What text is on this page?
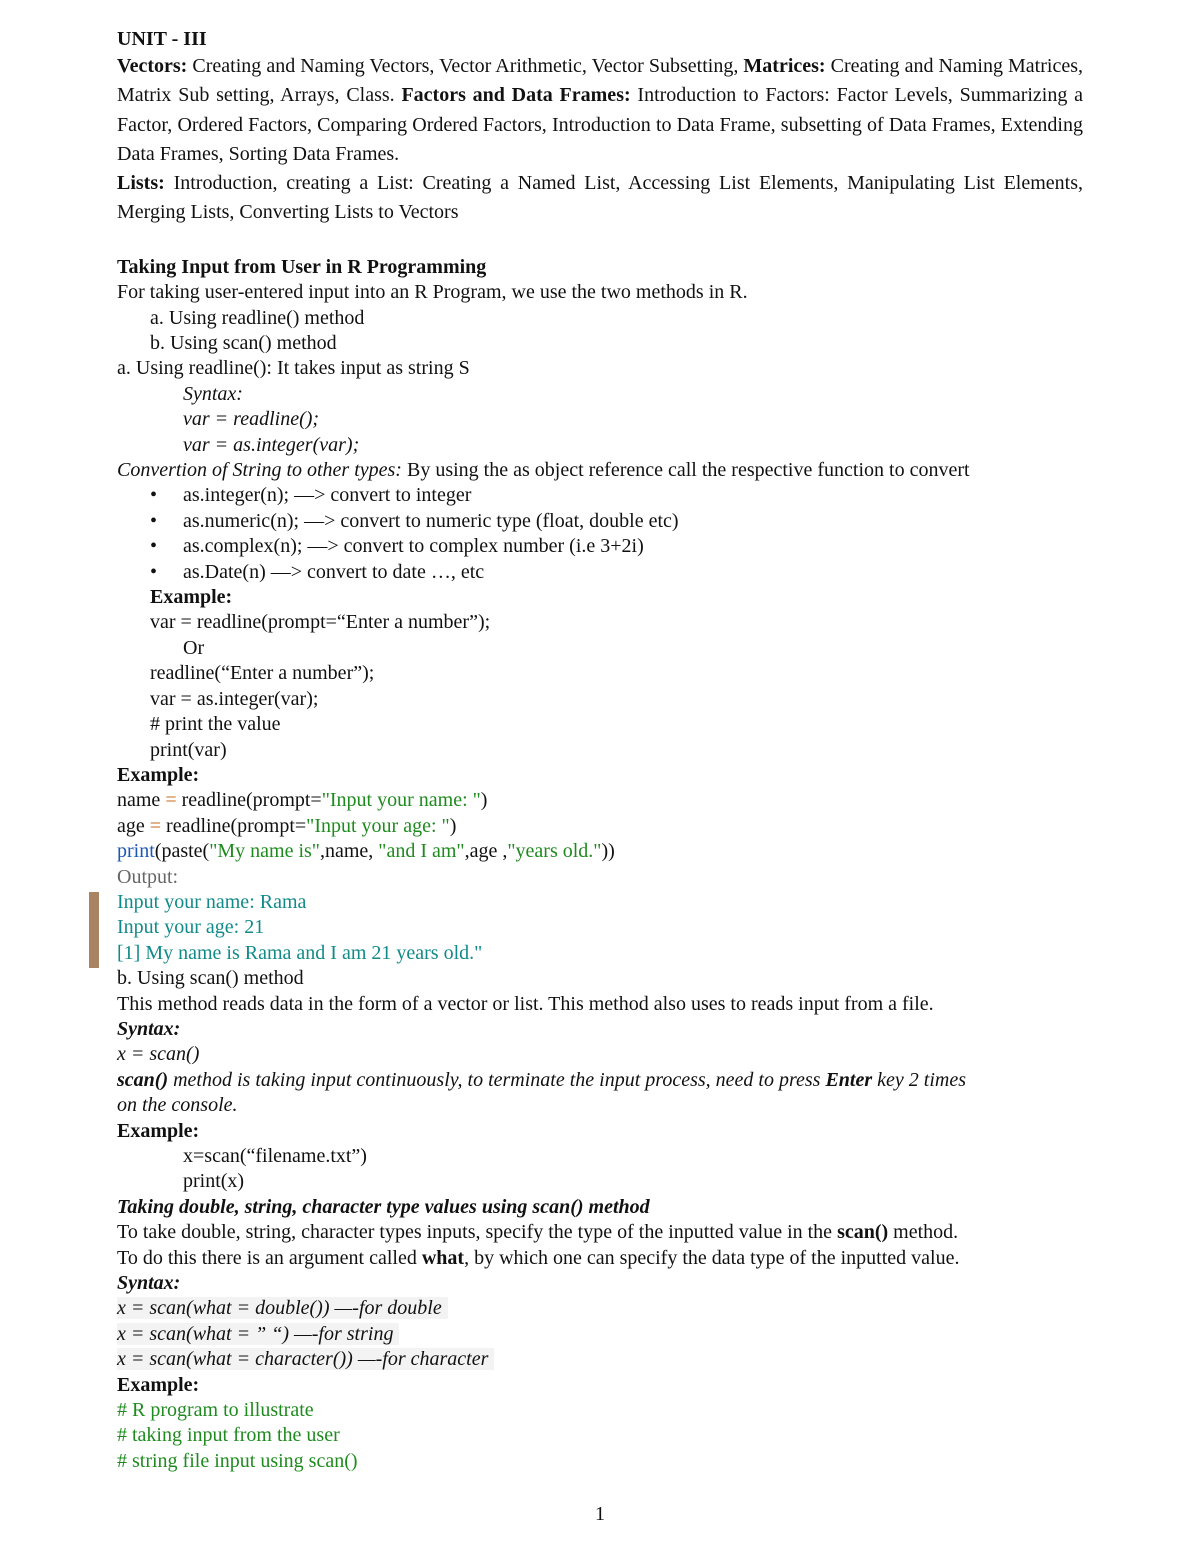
UNIT - III
Vectors: Creating and Naming Vectors, Vector Arithmetic, Vector Subsetting, Matrices: Creating and Naming Matrices, Matrix Sub setting, Arrays, Class. Factors and Data Frames: Introduction to Factors: Factor Levels, Summarizing a Factor, Ordered Factors, Comparing Ordered Factors, Introduction to Data Frame, subsetting of Data Frames, Extending Data Frames, Sorting Data Frames.
Lists: Introduction, creating a List: Creating a Named List, Accessing List Elements, Manipulating List Elements, Merging Lists, Converting Lists to Vectors
Taking Input from User in R Programming
For taking user-entered input into an R Program, we use the two methods in R.
a. Using readline() method
b. Using scan() method
a. Using readline(): It takes input as string S
Syntax:
var = readline();
var = as.integer(var);
Convertion of String to other types: By using the as object reference call the respective function to convert
• as.integer(n); —> convert to integer
• as.numeric(n); —> convert to numeric type (float, double etc)
• as.complex(n); —> convert to complex number (i.e 3+2i)
• as.Date(n) —> convert to date …, etc
Example:
var = readline(prompt=“Enter a number”);
Or
readline(“Enter a number”);
var = as.integer(var);
# print the value
print(var)
Example:
name = readline(prompt="Input your name: ")
age = readline(prompt="Input your age: ")
print(paste("My name is",name, "and I am",age ,"years old."))
Output:
Input your name: Rama
Input your age: 21
[1] My name is Rama and I am 21 years old."
b. Using scan() method
This method reads data in the form of a vector or list. This method also uses to reads input from a file.
Syntax:
x = scan()
scan() method is taking input continuously, to terminate the input process, need to press Enter key 2 times
on the console.
Example:
x=scan(“filename.txt”)
print(x)
Taking double, string, character type values using scan() method
To take double, string, character types inputs, specify the type of the inputted value in the scan() method.
To do this there is an argument called what, by which one can specify the data type of the inputted value.
Syntax:
x = scan(what = double()) —-for double
x = scan(what = ” “) —-for string
x = scan(what = character()) —-for character
Example:
# R program to illustrate
# taking input from the user
# string file input using scan()
1
